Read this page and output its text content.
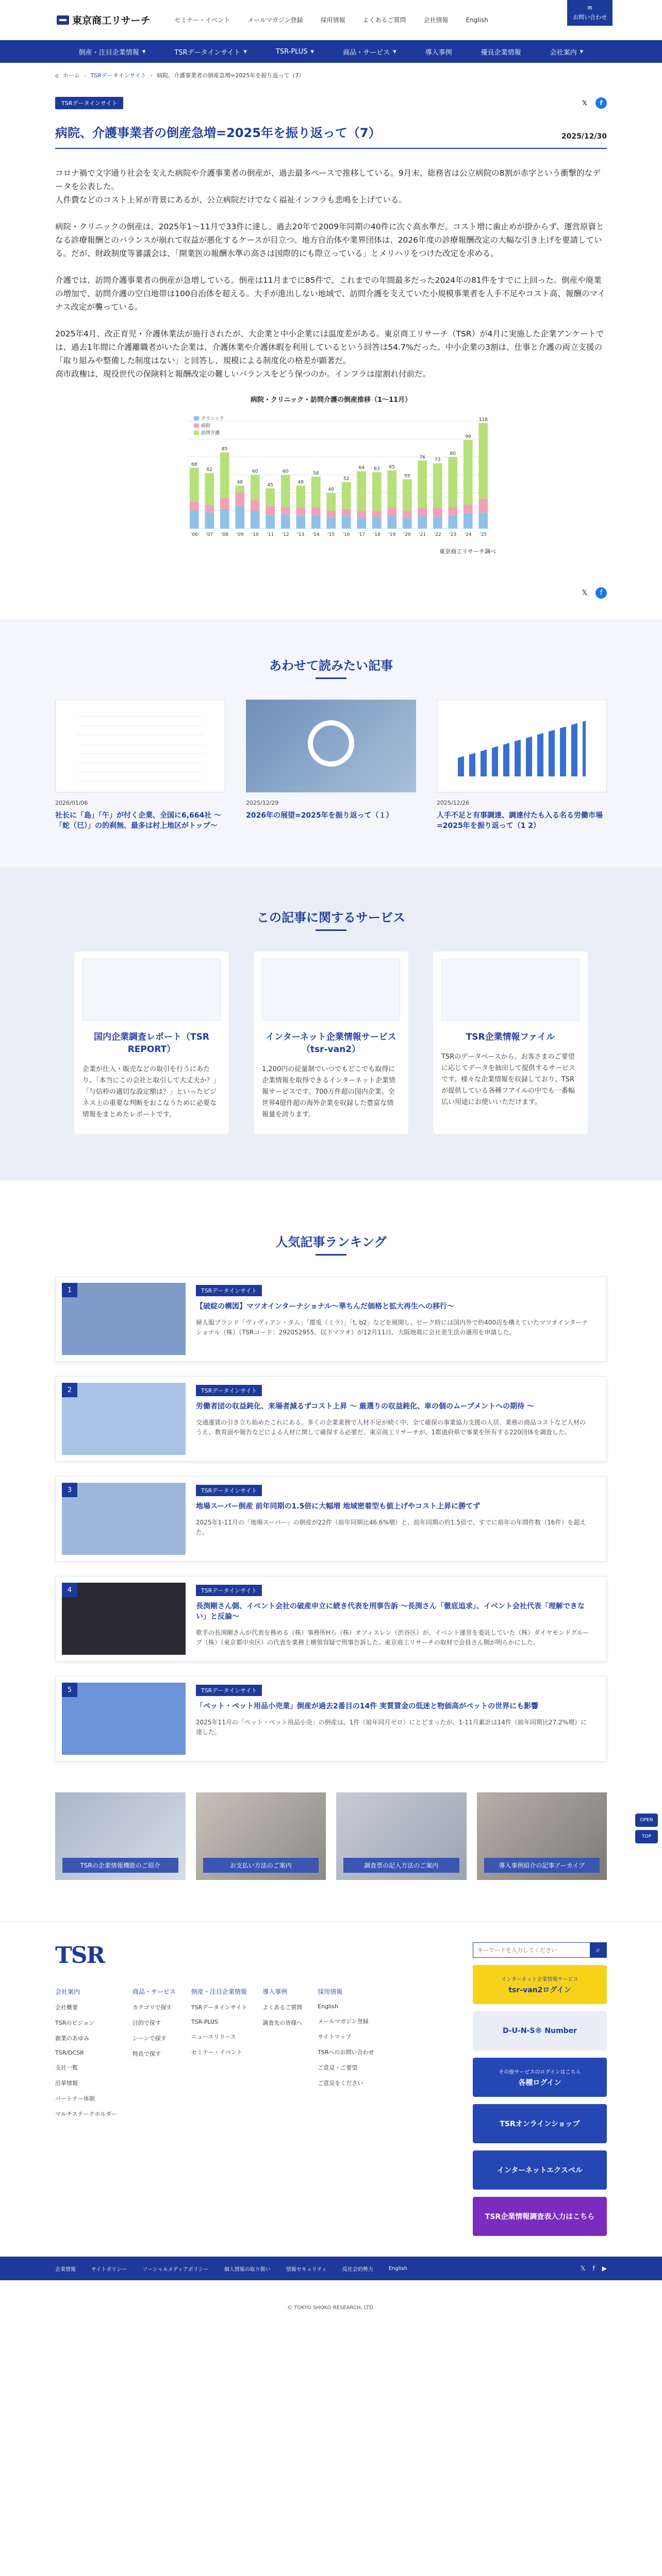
東京商工リサーチ	セミナー・イベント	メールマガジン登録	採用情報	よくあるご質問	会社情報	English
✉
お問い合わせ
倒産・注目企業情報 ▾	TSRデータインサイト ▾	TSR-PLUS ▾	商品・サービス ▾	導入事例	優良企業情報	会社案内 ▾
⌂ ホーム › TSRデータインサイト › 病院、介護事業者の倒産急増=2025年を振り返って（7）
TSRデータインサイト	𝕏	f
病院、介護事業者の倒産急増=2025年を振り返って（7）	2025/12/30

コロナ禍で文字通り社会を支えた病院や介護事業者の倒産が、過去最多ペースで推移している。9月末、総務省は公立病院の8割が赤字という衝撃的なデータを公表した。
人件費などのコスト上昇が背景にあるが、公立病院だけでなく福祉インフラも悲鳴を上げている。

病院・クリニックの倒産は、2025年1～11月で33件に達し、過去20年で2009年同期の40件に次ぐ高水準だ。コスト増に歯止めが掛からず、運営原資となる診療報酬とのバランスが崩れて収益が悪化するケースが目立つ。地方自治体や業界団体は、2026年度の診療報酬改定の大幅な引き上げを要請している。だが、財政制度等審議会は、「開業医の報酬水準の高さは国際的にも際立っている」とメリハリをつけた改定を求める。

介護では、訪問介護事業者の倒産が急増している。倒産は11月までに85件で、これまでの年間最多だった2024年の81件をすでに上回った。倒産や廃業の増加で、訪問介護の空白地帯は100自治体を超える。大手が進出しない地域で、訪問介護を支えていた小規模事業者を人手不足やコスト高、報酬のマイナス改定が襲っている。

2025年4月、改正育児・介護休業法が施行されたが、大企業と中小企業には温度差がある。東京商工リサーチ（TSR）が4月に実施した企業アンケートでは、過去1年間に介護離職者がいた企業は、介護休業や介護休暇を利用しているという回答は54.7%だった。中小企業の3割は、仕事と介護の両立支援の「取り組みや整備した制度はない」と回答し、規模による制度化の格差が顕著だ。
高市政権は、現役世代の保険料と報酬改定の難しいバランスをどう保つのか。インフラは崖割れ付前だ。

病院・クリニック・訪問介護の倒産推移（1～11月）
'06
68
'07
62
'08
85
'09
48
'10
60
'11
45
'12
60
'13
48
'14
58
'15
40
'16
52
'17
64
'18
63
'19
65
'20
55
'21
76
'22
73
'23
80
'24
99
'25
118
クリニック
病院
訪問介護
東京商工リサーチ調べ
𝕏	f
あわせて読みたい記事
2026/01/06
社长に「島」「午」が付く企業、全国に6,664社 ～「蛇（巳）」の的刹無、最多は村上地区がトップ～
2025/12/29
2026年の展望=2025年を振り返って（１）
2025/12/26
人手不足と有事調達、調達付たも入る名る労働市場=2025年を振り返って（1 2）
この記事に関するサービス
国内企業調査レポート（TSR REPORT）
企業が仕入・販売などの取引を行うにあたり、「本当にこの会社と取引して大丈夫か？」「与信枠の適切な設定額は？」といったビジネス上の重要な判断をおこなうために必要な情報をまとめたレポートです。
インターネット企業情報サービス（tsr-van2）
1,200円の従量制でいつでもどこでも取得に企業情報を取得できるインターネット企業情報サービスです。700万件超の国内企業、全世界4億件超の海外企業を収録した豊富な情報量を誇ります。
TSR企業情報ファイル
TSRのデータベースから、お客さまのご要望に応じてデータを抽出して提供するサービスです。様々な企業情報を収録しており、TSRが提供している各種フアイルの中でも一番幅広い用途にお使いいただけます。
人気記事ランキング
1	TSRデータインサイト
【破綻の構図】マツオインターナショナル～華ちんだ価格と拡大再生への移行～
婦人服ブランド「ヴィヴィアン・タム」「郡兎（ミラ）」「t, b2」などを展開し、ピーク時には国内外で約400店を構えていたマツオインターナショナル（株）（TSRコード：292052955、以下マツオ）が12月11日、大阪地裁に会社更生法の適用を申請した。
2	TSRデータインサイト
労働者団の収益鈍化、来場者減るずコスト上昇 ～ 厳選りの収益鈍化、車の個のムーブメントへの期待 ～
交通運賃の引き立ち始めたこれにある。多くの企業業務で人材不足が続く中、全て確保の事業協力支援の入居、業務の商品コストなど人材のうえ、教育面や報告などによる人材に関して確保する必要だ。東京商工リサーチが、1都道府県で事業を所有する220団体を調査した。
3	TSRデータインサイト
地場スーパー倒産 前年同期の1.5倍に大幅増 地域密着型も値上げやコスト上昇に勝てず
2025年1-11月の「地場スーパー」の倒産が22件（前年同期比46.6%増）と、前年同期の約1.5倍で、すでに前年の年間件数（16件）を超えた。
4	TSRデータインサイト
長渕剛さん側、イベント会社の破産申立に続き代表を刑事告訴 ～長渕さん「徹底追求」、イベント会社代表「理解できない」と反論～
歌手の長渕剛さんが代表を務める（株）事務所Hら（株）オフィスレン（渋谷区）が、イベント運営を委託していた（株）ダイヤモンドグループ（株）（東京都中央区）の代表を業務上横領容疑で刑事告訴した。東京商工リサーチの取材で会員さん側が明らかにした。
5	TSRデータインサイト
「ペット・ペット用品小売業」倒産が過去2番目の14件 実質賃金の低迷と物価高がペットの世界にも影響
2025年11月の「ペット・ペット用品小売」の倒産は、1件（前年同月ゼロ）にとどまったが、1-11月累計は14件（前年同期比27.2%増）に達した。
TSRの企業情報機能のご紹介	お支払い方法のご案内	調査票の記入方法のご案内	導入事例紹介の記事アーカイブ
TSR
会社案内
会社概要
TSRのビジョン
創業のあゆみ
TSR/DCSR
支社一覧
沿革情報
パートナー体制
マルチステークホルダー
商品・サービス
カテゴリで探す
目的で探す
シーンで探す
特長で探す
倒産・注目企業情報
TSRデータインサイト
TSR-PLUS
ニュースリリース
セミナー・イベント
導入事例
よくあるご質問
調査先の皆様へ
採用情報
English
メールマガジン登録
サイトマップ
TSRへのお問い合わせ
ご意見・ご要望
ご意見をください
キーワードを入力してください
⌕
インターネット企業情報サービス
tsr-van2ログイン
D-U-N-S® Number
その他サービスのログインはこちら
各種ログイン
TSRオンラインショップ
インターネットエクスペル
TSR企業情報調査表入力はこちら
企業情報	サイトポリシー	ソーシャルメディアポリシー	個人情報の取り扱い	情報セキュリティ	反社会的勢力	English	𝕏 f ▶
© TOKYO SHOKO RESEARCH, LTD.
OPEN
TOP
